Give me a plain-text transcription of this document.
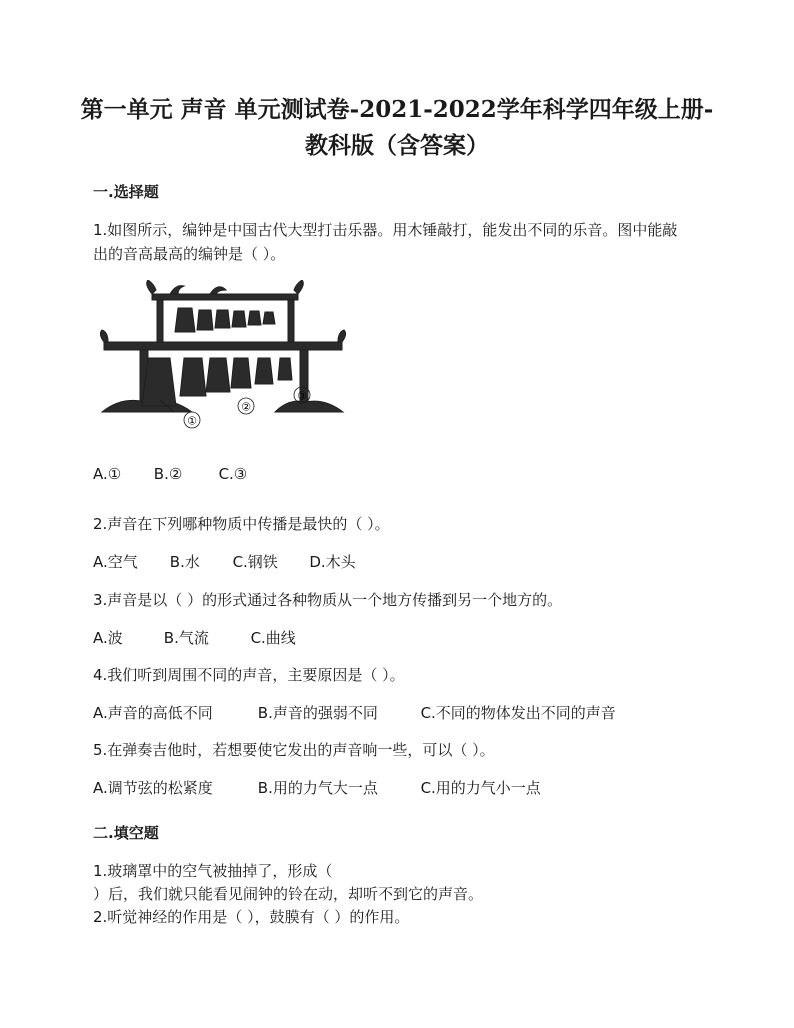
第一单元 声音 单元测试卷-2021-2022学年科学四年级上册-
教科版（含答案）
一.选择题
1.如图所示，编钟是中国古代大型打击乐器。用木锤敲打，能发出不同的乐音。图中能敲
出的音高最高的编钟是（ ）。
①
②
③
A.① B.② C.③
2.声音在下列哪种物质中传播是最快的（ ）。
A.空气 B.水 C.钢铁 D.木头
3.声音是以（ ）的形式通过各种物质从一个地方传播到另一个地方的。
A.波	B.气流	C.曲线
4.我们听到周围不同的声音，主要原因是（ ）。
A.声音的高低不同	B.声音的强弱不同	C.不同的物体发出不同的声音
5.在弹奏吉他时，若想要使它发出的声音响一些，可以（ ）。
A.调节弦的松紧度	B.用的力气大一点	C.用的力气小一点
二.填空题
1.玻璃罩中的空气被抽掉了，形成（
）后，我们就只能看见闹钟的铃在动，却听不到它的声音。
2.听觉神经的作用是（ ），鼓膜有（ ）的作用。
